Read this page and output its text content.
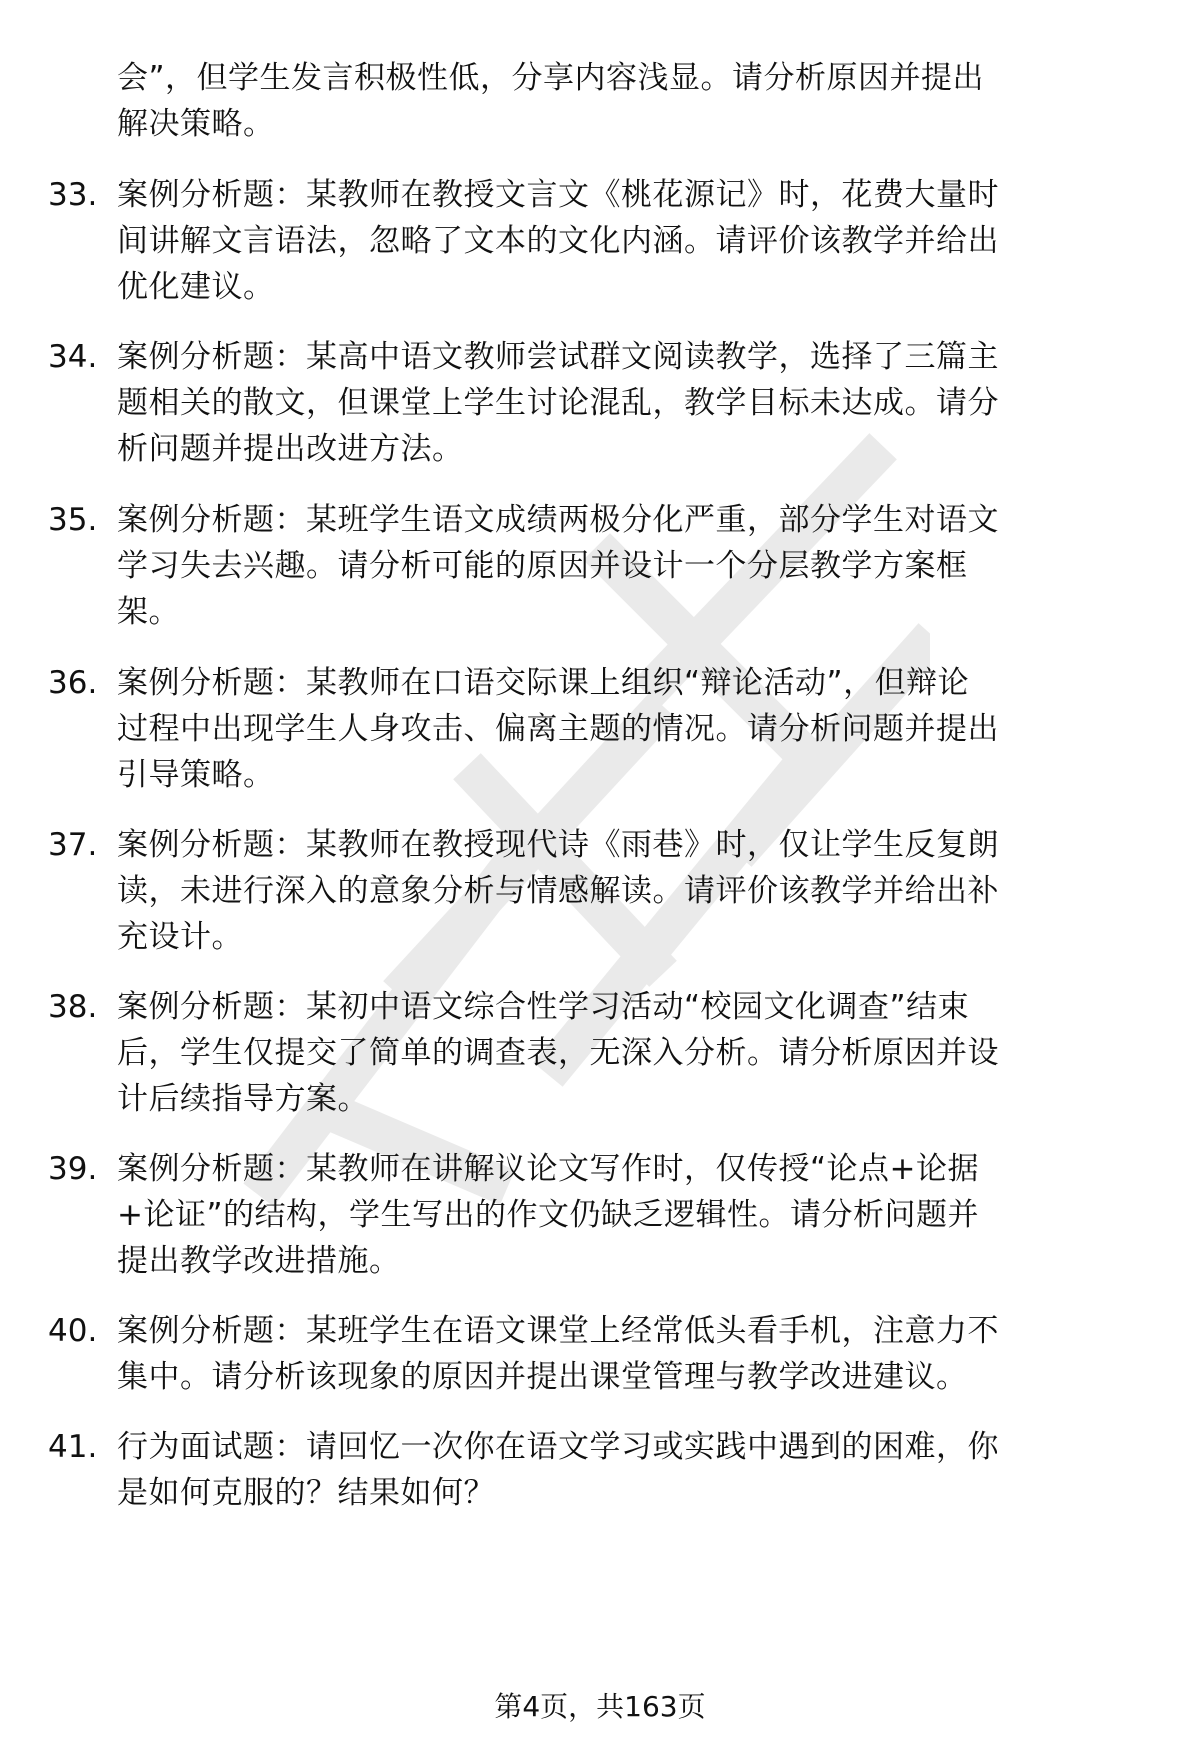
会”，但学生发言积极性低，分享内容浅显。请分析原因并提出
解决策略。
33. 案例分析题：某教师在教授文言文《桃花源记》时，花费大量时
间讲解文言语法，忽略了文本的文化内涵。请评价该教学并给出
优化建议。
34. 案例分析题：某高中语文教师尝试群文阅读教学，选择了三篇主
题相关的散文，但课堂上学生讨论混乱，教学目标未达成。请分
析问题并提出改进方法。
35. 案例分析题：某班学生语文成绩两极分化严重，部分学生对语文
学习失去兴趣。请分析可能的原因并设计一个分层教学方案框
架。
36. 案例分析题：某教师在口语交际课上组织“辩论活动”，但辩论
过程中出现学生人身攻击、偏离主题的情况。请分析问题并提出
引导策略。
37. 案例分析题：某教师在教授现代诗《雨巷》时，仅让学生反复朗
读，未进行深入的意象分析与情感解读。请评价该教学并给出补
充设计。
38. 案例分析题：某初中语文综合性学习活动“校园文化调查”结束
后，学生仅提交了简单的调查表，无深入分析。请分析原因并设
计后续指导方案。
39. 案例分析题：某教师在讲解议论文写作时，仅传授“论点+论据
+论证”的结构，学生写出的作文仍缺乏逻辑性。请分析问题并
提出教学改进措施。
40. 案例分析题：某班学生在语文课堂上经常低头看手机，注意力不
集中。请分析该现象的原因并提出课堂管理与教学改进建议。
41. 行为面试题：请回忆一次你在语文学习或实践中遇到的困难，你
是如何克服的？结果如何？
第4页，共163页
